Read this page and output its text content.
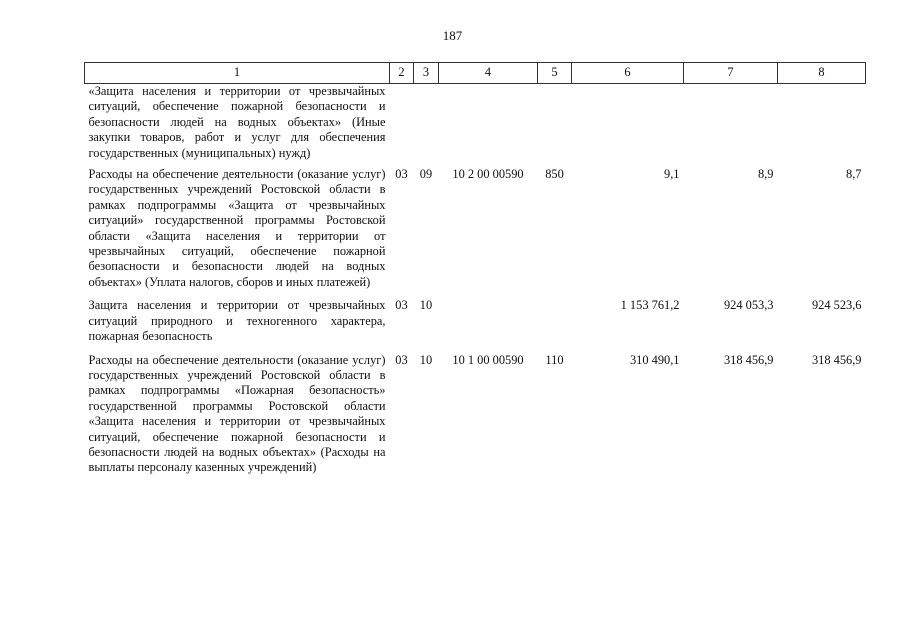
187
1	2	3	4	5	6	7	8
«Защита населения и территории от чрезвычайных ситуаций, обеспечение пожарной безопасности и безопасности людей на водных объектах» (Иные закупки товаров, работ и услуг для обеспечения государственных (муниципальных) нужд)							
Расходы на обеспечение деятельности (оказание услуг) государственных учреждений Ростовской области в рамках подпрограммы «Защита от чрезвычайных ситуаций» государственной программы Ростовской области «Защита населения и территории от чрезвычайных ситуаций, обеспечение пожарной безопасности и безопасности людей на водных объектах» (Уплата налогов, сборов и иных платежей)	03	09	10 2 00 00590	850	9,1	8,9	8,7
Защита населения и территории от чрезвычайных ситуаций природного и техногенного характера, пожарная безопасность	03	10			1 153 761,2	924 053,3	924 523,6
Расходы на обеспечение деятельности (оказание услуг) государственных учреждений Ростовской области в рамках подпрограммы «Пожарная безопасность» государственной программы Ростовской области «Защита населения и территории от чрезвычайных ситуаций, обеспечение пожарной безопасности и безопасности людей на водных объектах» (Расходы на выплаты персоналу казенных учреждений)	03	10	10 1 00 00590	110	310 490,1	318 456,9	318 456,9
